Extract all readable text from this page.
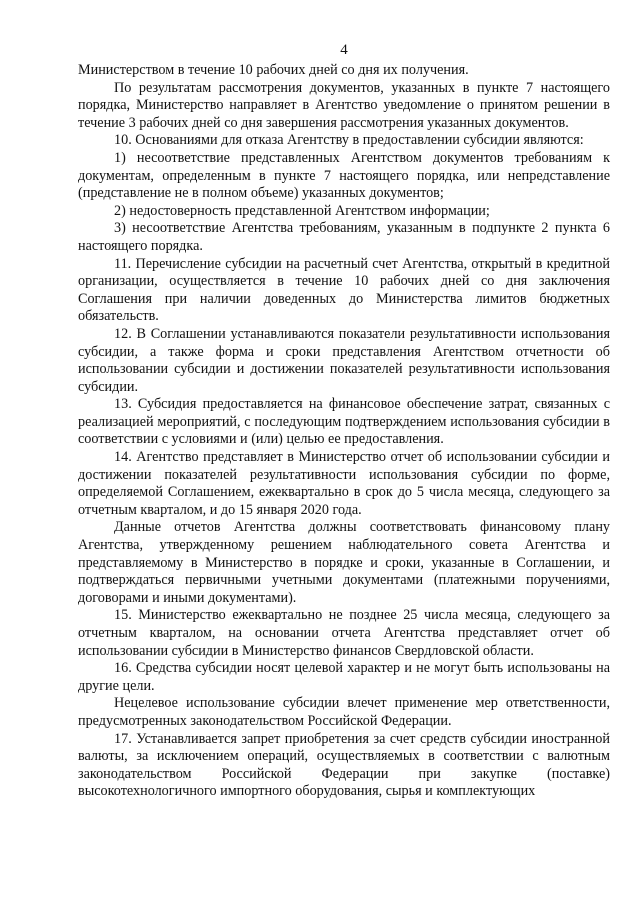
4

Министерством в течение 10 рабочих дней со дня их получения.

По результатам рассмотрения документов, указанных в пункте 7 настоящего порядка, Министерство направляет в Агентство уведомление о принятом решении в течение 3 рабочих дней со дня завершения рассмотрения указанных документов.

10. Основаниями для отказа Агентству в предоставлении субсидии являются:

1) несоответствие представленных Агентством документов требованиям к документам, определенным в пункте 7 настоящего порядка, или непредставление (представление не в полном объеме) указанных документов;

2) недостоверность представленной Агентством информации;

3) несоответствие Агентства требованиям, указанным в подпункте 2 пункта 6 настоящего порядка.

11. Перечисление субсидии на расчетный счет Агентства, открытый в кредитной организации, осуществляется в течение 10 рабочих дней со дня заключения Соглашения при наличии доведенных до Министерства лимитов бюджетных обязательств.

12. В Соглашении устанавливаются показатели результативности использования субсидии, а также форма и сроки представления Агентством отчетности об использовании субсидии и достижении показателей результативности использования субсидии.

13. Субсидия предоставляется на финансовое обеспечение затрат, связанных с реализацией мероприятий, с последующим подтверждением использования субсидии в соответствии с условиями и (или) целью ее предоставления.

14. Агентство представляет в Министерство отчет об использовании субсидии и достижении показателей результативности использования субсидии по форме, определяемой Соглашением, ежеквартально в срок до 5 числа месяца, следующего за отчетным кварталом, и до 15 января 2020 года.

Данные отчетов Агентства должны соответствовать финансовому плану Агентства, утвержденному решением наблюдательного совета Агентства и представляемому в Министерство в порядке и сроки, указанные в Соглашении, и подтверждаться первичными учетными документами (платежными поручениями, договорами и иными документами).

15. Министерство ежеквартально не позднее 25 числа месяца, следующего за отчетным кварталом, на основании отчета Агентства представляет отчет об использовании субсидии в Министерство финансов Свердловской области.

16. Средства субсидии носят целевой характер и не могут быть использованы на другие цели.

Нецелевое использование субсидии влечет применение мер ответственности, предусмотренных законодательством Российской Федерации.

17. Устанавливается запрет приобретения за счет средств субсидии иностранной валюты, за исключением операций, осуществляемых в соответствии с валютным законодательством Российской Федерации при закупке (поставке) высокотехнологичного импортного оборудования, сырья и комплектующих
